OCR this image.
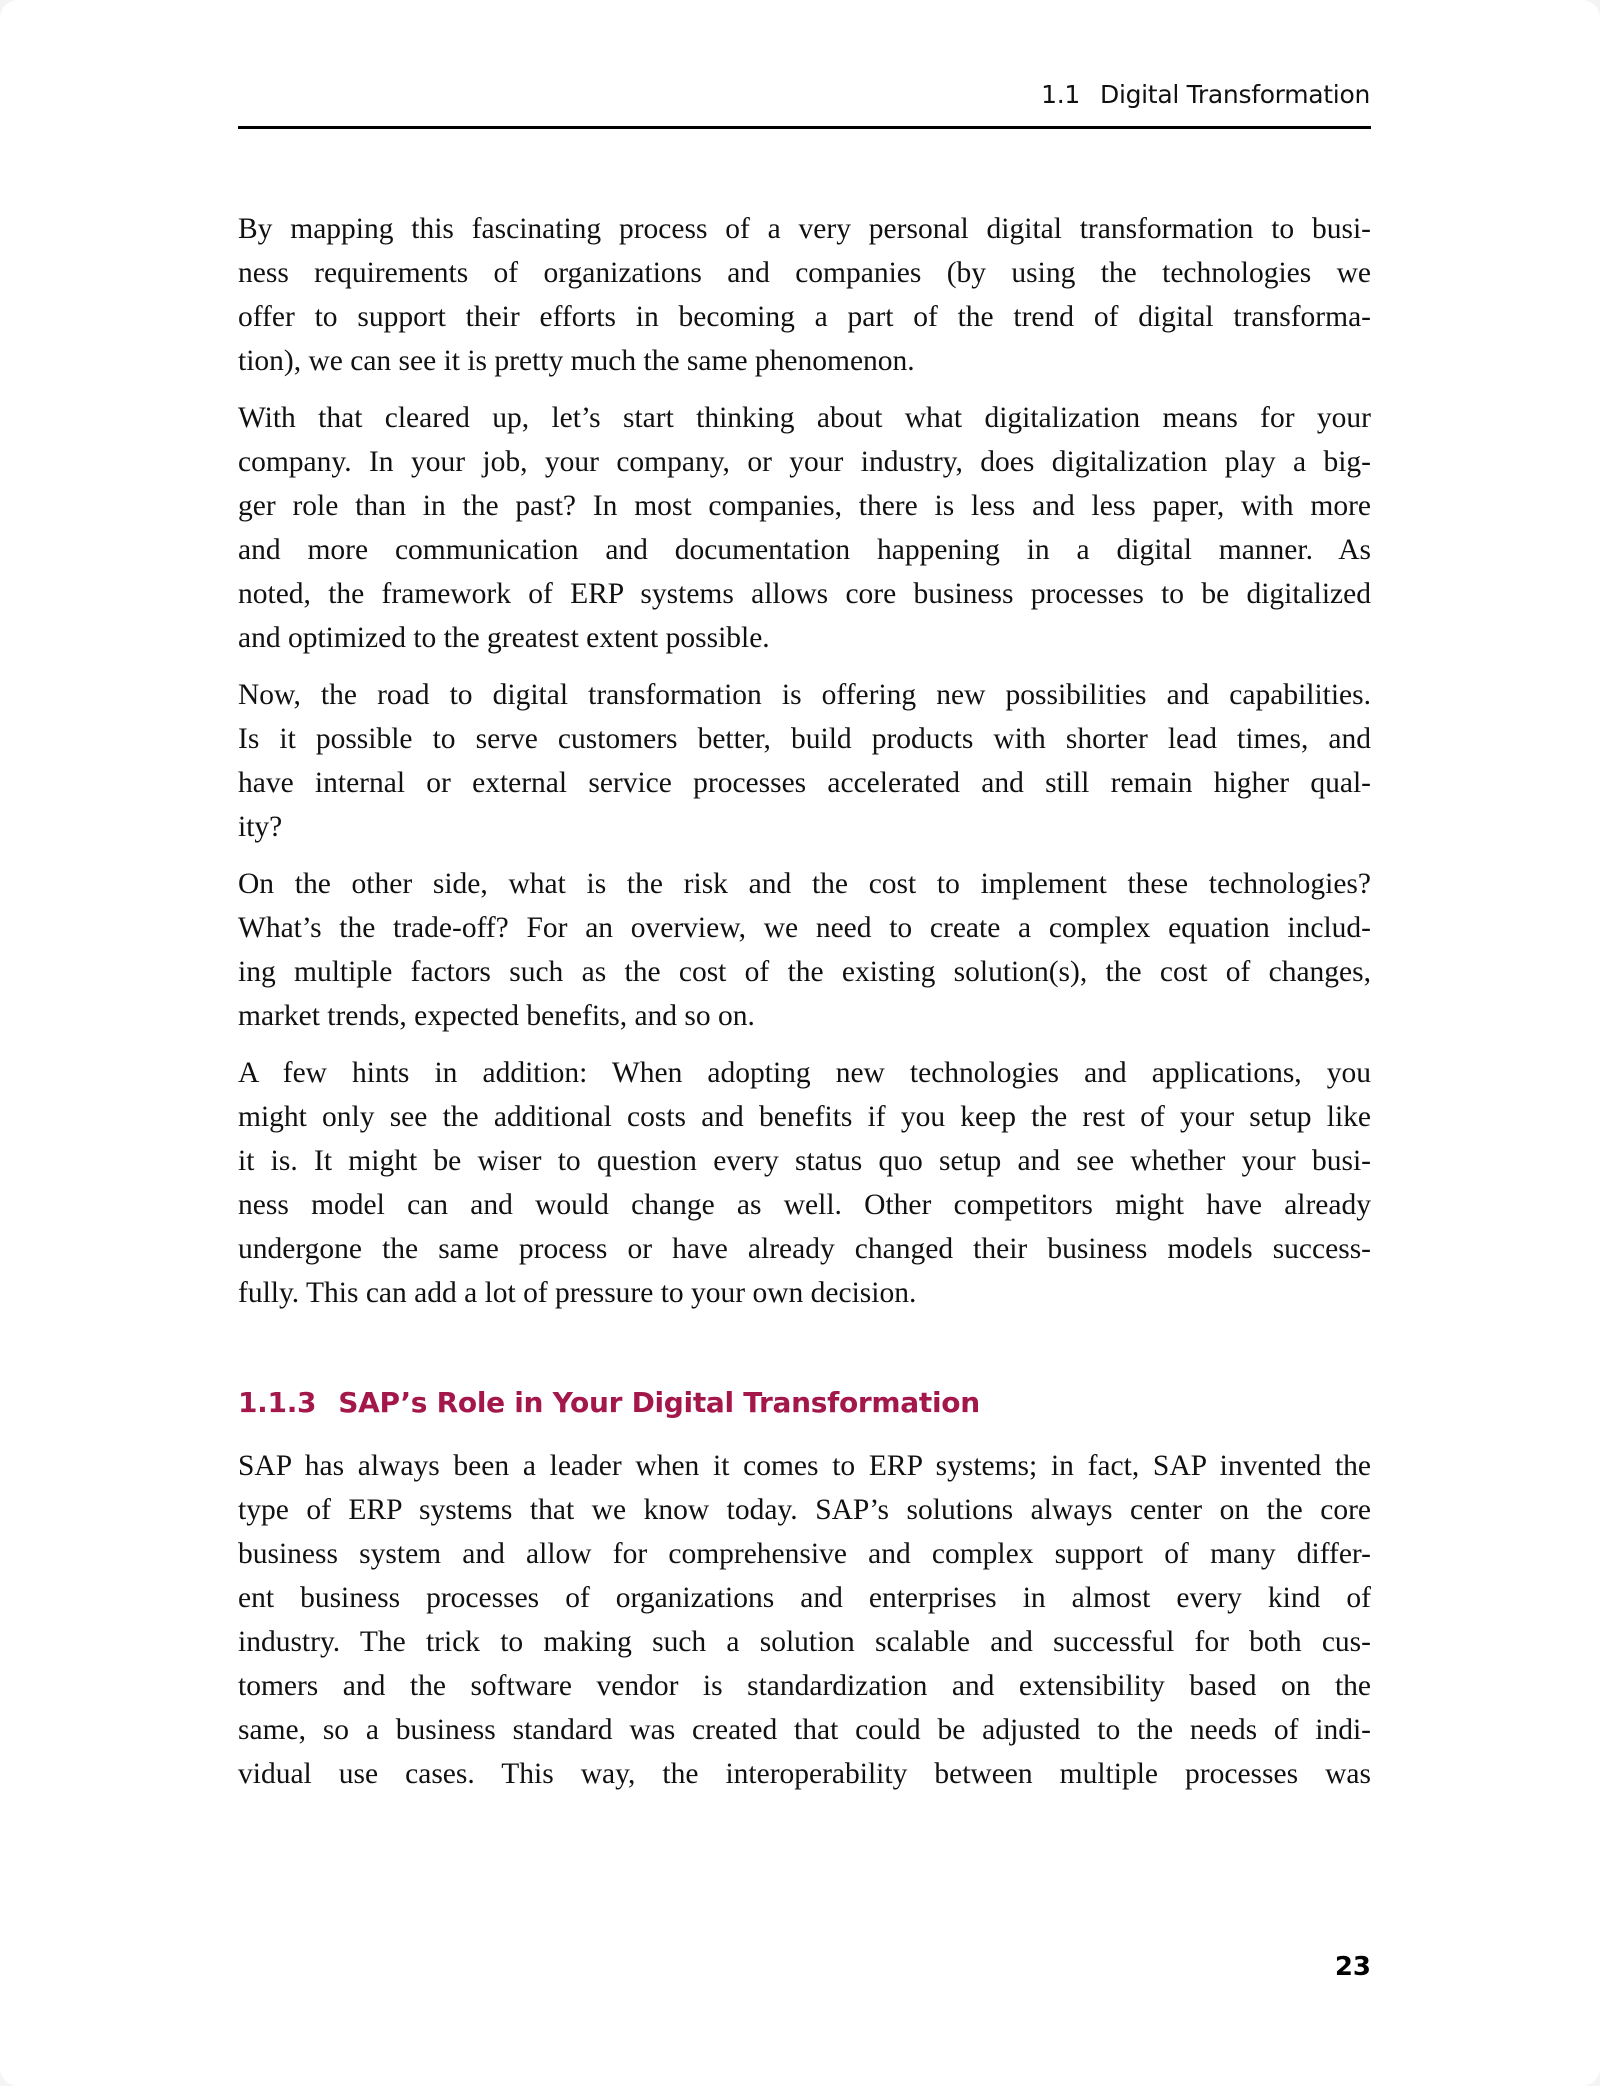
1.1 Digital Transformation
By mapping this fascinating process of a very personal digital transformation to busi-
ness requirements of organizations and companies (by using the technologies we
offer to support their efforts in becoming a part of the trend of digital transforma-
tion), we can see it is pretty much the same phenomenon.
With that cleared up, let’s start thinking about what digitalization means for your
company. In your job, your company, or your industry, does digitalization play a big-
ger role than in the past? In most companies, there is less and less paper, with more
and more communication and documentation happening in a digital manner. As
noted, the framework of ERP systems allows core business processes to be digitalized
and optimized to the greatest extent possible.
Now, the road to digital transformation is offering new possibilities and capabilities.
Is it possible to serve customers better, build products with shorter lead times, and
have internal or external service processes accelerated and still remain higher qual-
ity?
On the other side, what is the risk and the cost to implement these technologies?
What’s the trade-off? For an overview, we need to create a complex equation includ-
ing multiple factors such as the cost of the existing solution(s), the cost of changes,
market trends, expected benefits, and so on.
A few hints in addition: When adopting new technologies and applications, you
might only see the additional costs and benefits if you keep the rest of your setup like
it is. It might be wiser to question every status quo setup and see whether your busi-
ness model can and would change as well. Other competitors might have already
undergone the same process or have already changed their business models success-
fully. This can add a lot of pressure to your own decision.
1.1.3 SAP’s Role in Your Digital Transformation
SAP has always been a leader when it comes to ERP systems; in fact, SAP invented the
type of ERP systems that we know today. SAP’s solutions always center on the core
business system and allow for comprehensive and complex support of many differ-
ent business processes of organizations and enterprises in almost every kind of
industry. The trick to making such a solution scalable and successful for both cus-
tomers and the software vendor is standardization and extensibility based on the
same, so a business standard was created that could be adjusted to the needs of indi-
vidual use cases. This way, the interoperability between multiple processes was
23
